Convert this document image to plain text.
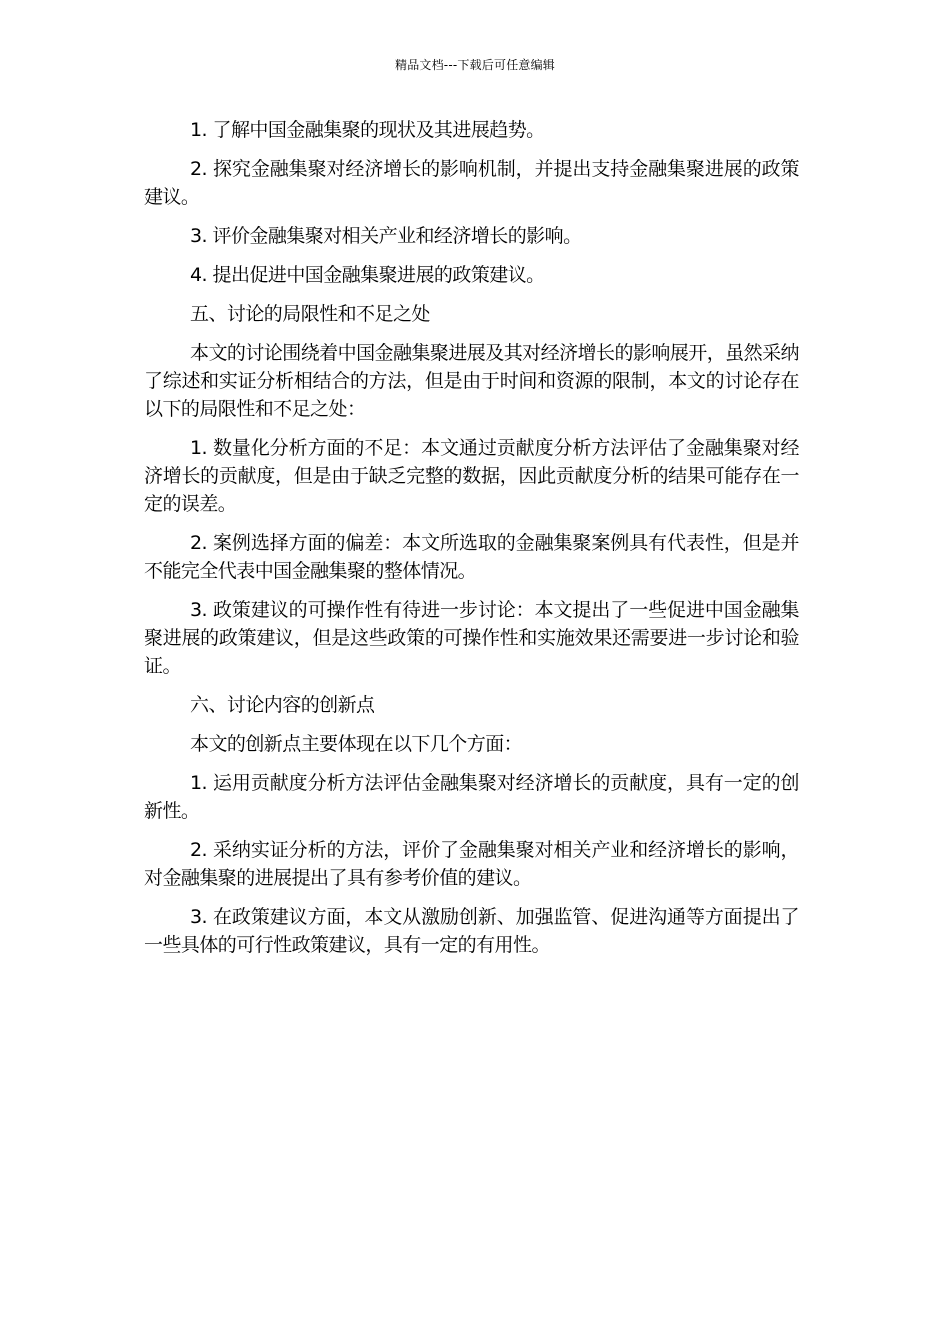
精品文档---下载后可任意编辑

1. 了解中国金融集聚的现状及其进展趋势。

2. 探究金融集聚对经济增长的影响机制，并提出支持金融集聚进展的政策建议。

3. 评价金融集聚对相关产业和经济增长的影响。

4. 提出促进中国金融集聚进展的政策建议。

五、讨论的局限性和不足之处

本文的讨论围绕着中国金融集聚进展及其对经济增长的影响展开，虽然采纳了综述和实证分析相结合的方法，但是由于时间和资源的限制，本文的讨论存在以下的局限性和不足之处：

1. 数量化分析方面的不足：本文通过贡献度分析方法评估了金融集聚对经济增长的贡献度，但是由于缺乏完整的数据，因此贡献度分析的结果可能存在一定的误差。

2. 案例选择方面的偏差：本文所选取的金融集聚案例具有代表性，但是并不能完全代表中国金融集聚的整体情况。

3. 政策建议的可操作性有待进一步讨论：本文提出了一些促进中国金融集聚进展的政策建议，但是这些政策的可操作性和实施效果还需要进一步讨论和验证。

六、讨论内容的创新点

本文的创新点主要体现在以下几个方面：

1. 运用贡献度分析方法评估金融集聚对经济增长的贡献度，具有一定的创新性。

2. 采纳实证分析的方法，评价了金融集聚对相关产业和经济增长的影响，对金融集聚的进展提出了具有参考价值的建议。

3. 在政策建议方面，本文从激励创新、加强监管、促进沟通等方面提出了一些具体的可行性政策建议，具有一定的有用性。
